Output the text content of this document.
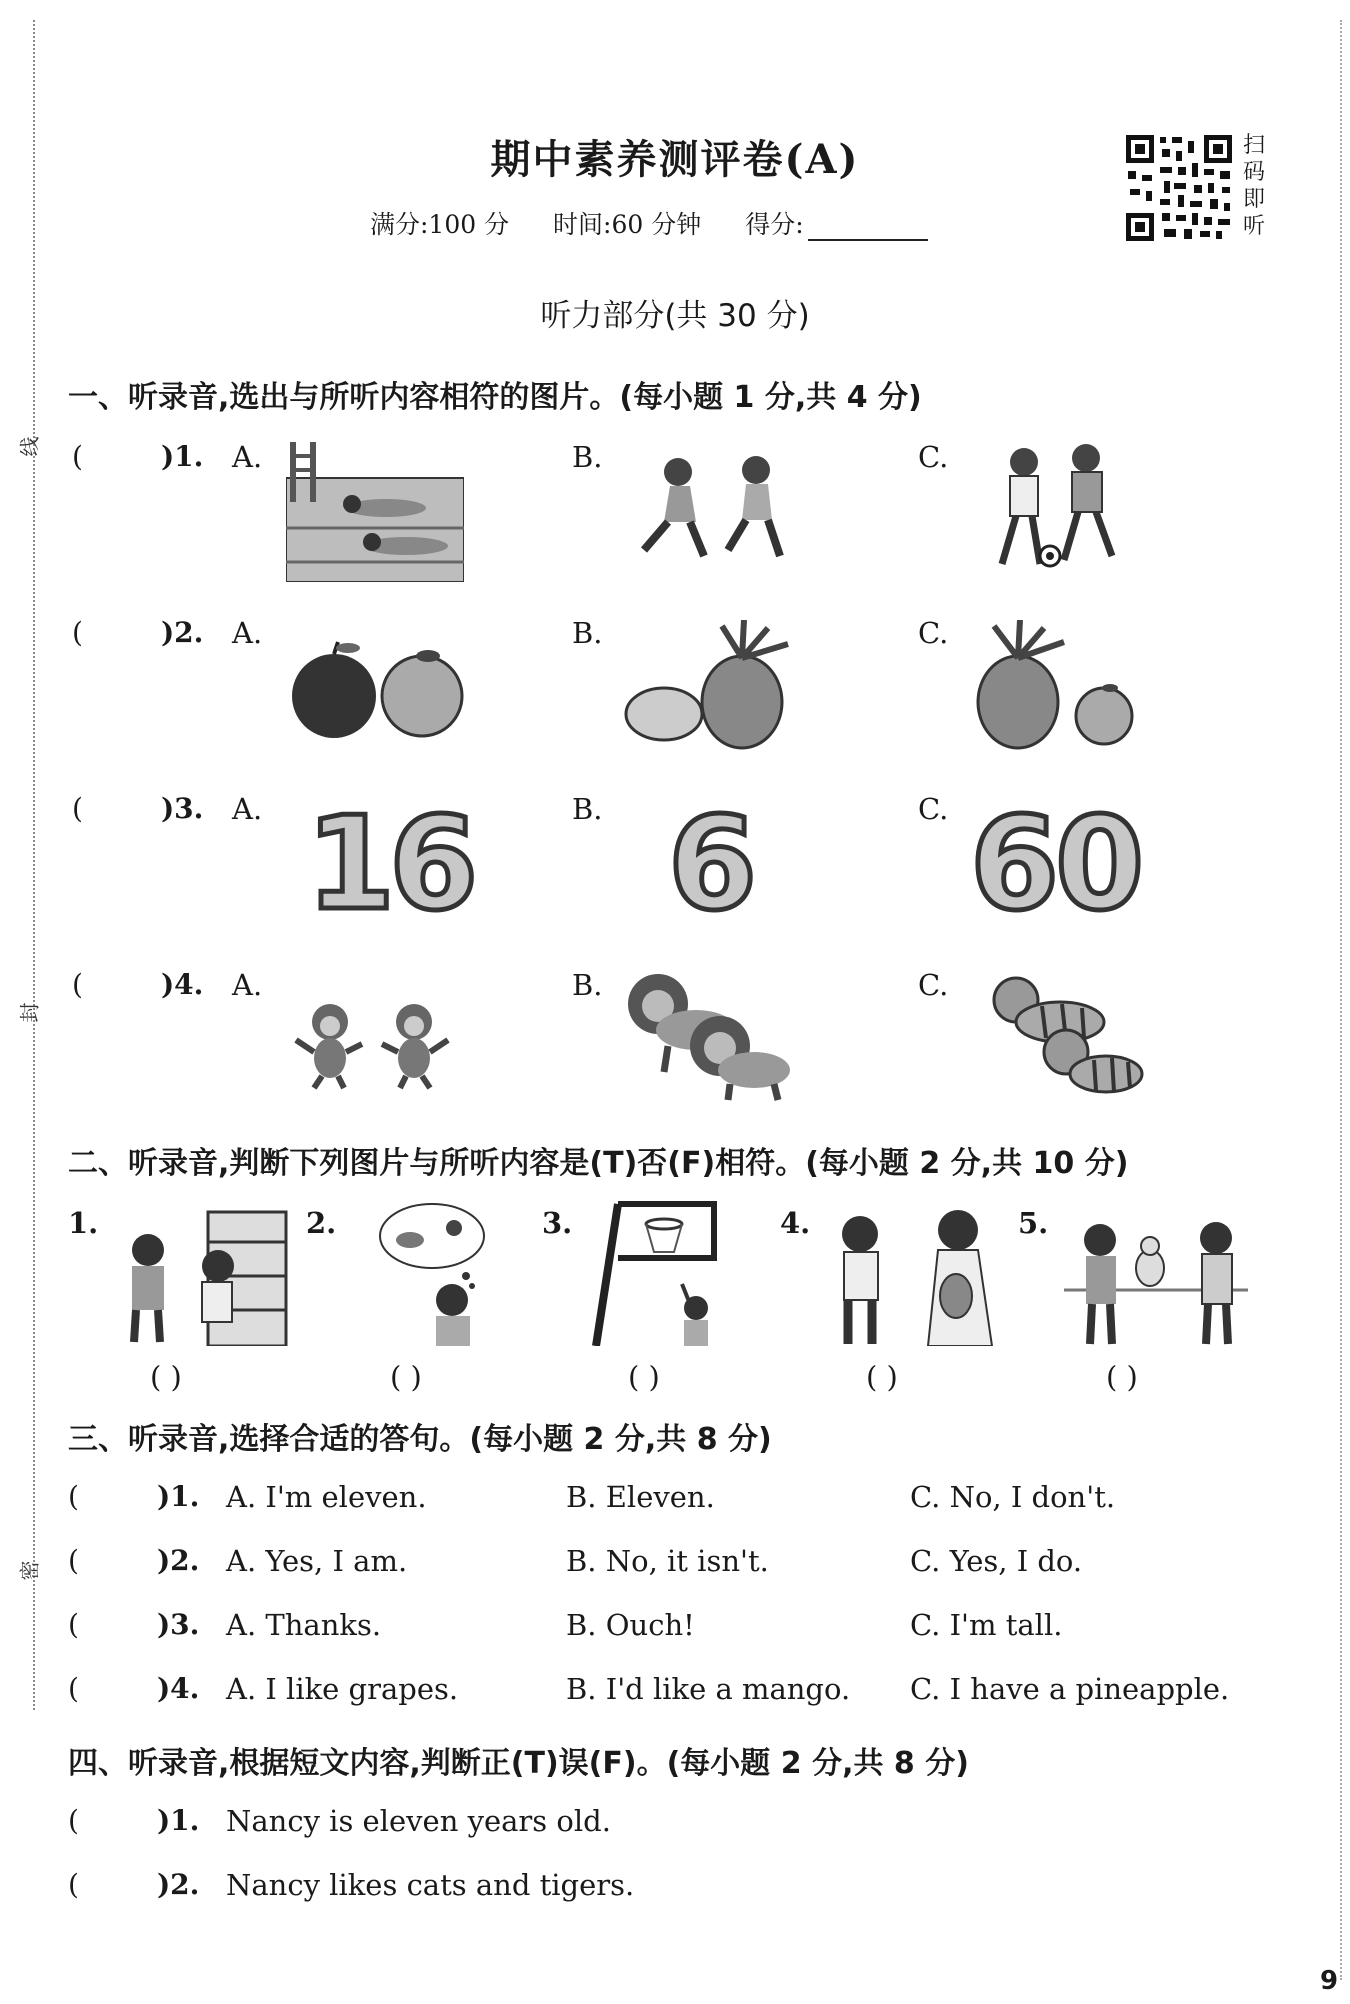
线
封
密
期中素养测评卷(A)
满分:100 分 时间:60 分钟 得分:
扫
码
即
听
听力部分(共 30 分)
一、听录音,选出与所听内容相符的图片。(每小题 1 分,共 4 分)
(	)1. A.	B.	C.
(	)2. A.	B.	C.
(	)3. A.	B.	C.
16 6 60
(	)4. A.	B.	C.
二、听录音,判断下列图片与所听内容是(T)否(F)相符。(每小题 2 分,共 10 分)
1.	2.	3.	4.	5.
( )	( )	( )	( )	( )
三、听录音,选择合适的答句。(每小题 2 分,共 8 分)
(	)1. A. I'm eleven.	B. Eleven.	C. No, I don't.
(	)2. A. Yes, I am.	B. No, it isn't.	C. Yes, I do.
(	)3. A. Thanks.	B. Ouch!	C. I'm tall.
(	)4. A. I like grapes.	B. I'd like a mango. C. I have a pineapple.
四、听录音,根据短文内容,判断正(T)误(F)。(每小题 2 分,共 8 分)
(	)1. Nancy is eleven years old.
(	)2. Nancy likes cats and tigers.
9
